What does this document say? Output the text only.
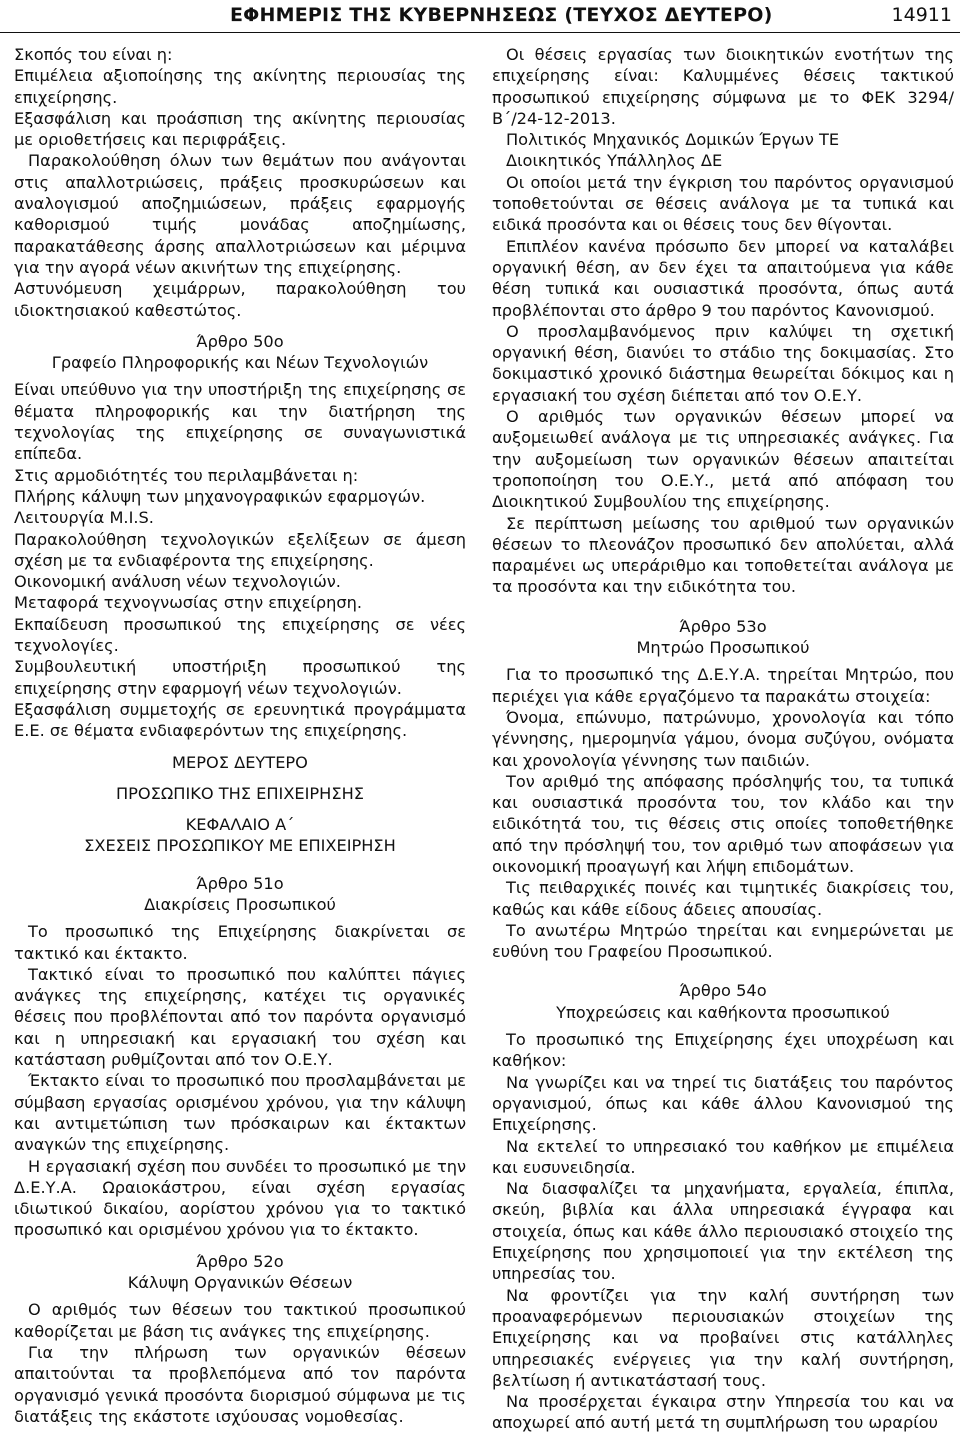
ΕΦΗΜΕΡΙΣ ΤΗΣ ΚΥΒΕΡΝΗΣΕΩΣ (ΤΕΥΧΟΣ ΔΕΥΤΕΡΟ)	14911

Σκοπός του είναι η:

Επιμέλεια αξιοποίησης της ακίνητης περιουσίας της επιχείρησης.

Εξασφάλιση και προάσπιση της ακίνητης περιουσίας με οριοθετήσεις και περιφράξεις.

Παρακολούθηση όλων των θεμάτων που ανάγονται στις απαλλοτριώσεις, πράξεις προσκυρώσεων και αναλογισμού αποζημιώσεων, πράξεις εφαρμογής καθορισμού τιμής μονάδας αποζημίωσης, παρακατάθεσης άρσης απαλλοτριώσεων και μέριμνα για την αγορά νέων ακινήτων της επιχείρησης.

Αστυνόμευση χειμάρρων, παρακολούθηση του ιδιοκτησιακού καθεστώτος.

Άρθρο 50ο

Γραφείο Πληροφορικής και Νέων Τεχνολογιών

Είναι υπεύθυνο για την υποστήριξη της επιχείρησης σε θέματα πληροφορικής και την διατήρηση της τεχνολογίας της επιχείρησης σε συναγωνιστικά επίπεδα.

Στις αρμοδιότητές του περιλαμβάνεται η:

Πλήρης κάλυψη των μηχανογραφικών εφαρμογών.

Λειτουργία M.I.S.

Παρακολούθηση τεχνολογικών εξελίξεων σε άμεση σχέση με τα ενδιαφέροντα της επιχείρησης.

Οικονομική ανάλυση νέων τεχνολογιών.

Μεταφορά τεχνογνωσίας στην επιχείρηση.

Εκπαίδευση προσωπικού της επιχείρησης σε νέες τεχνολογίες.

Συμβουλευτική υποστήριξη προσωπικού της επιχείρησης στην εφαρμογή νέων τεχνολογιών.

Εξασφάλιση συμμετοχής σε ερευνητικά προγράμματα Ε.Ε. σε θέματα ενδιαφερόντων της επιχείρησης.

ΜΕΡΟΣ ΔΕΥΤΕΡΟ

ΠΡΟΣΩΠΙΚΟ ΤΗΣ ΕΠΙΧΕΙΡΗΣΗΣ

ΚΕΦΑΛΑΙΟ Α΄

ΣΧΕΣΕΙΣ ΠΡΟΣΩΠΙΚΟΥ ΜΕ ΕΠΙΧΕΙΡΗΣΗ

Άρθρο 51ο

Διακρίσεις Προσωπικού

Το προσωπικό της Επιχείρησης διακρίνεται σε τακτικό και έκτακτο.

Τακτικό είναι το προσωπικό που καλύπτει πάγιες ανάγκες της επιχείρησης, κατέχει τις οργανικές θέσεις που προβλέπονται από τον παρόντα οργανισμό και η υπηρεσιακή και εργασιακή του σχέση και κατάσταση ρυθμίζονται από τον Ο.Ε.Υ.

Έκτακτο είναι το προσωπικό που προσλαμβάνεται με σύμβαση εργασίας ορισμένου χρόνου, για την κάλυψη και αντιμετώπιση των πρόσκαιρων και έκτακτων αναγκών της επιχείρησης.

Η εργασιακή σχέση που συνδέει το προσωπικό με την Δ.Ε.Υ.Α. Ωραιοκάστρου, είναι σχέση εργασίας ιδιωτικού δικαίου, αορίστου χρόνου για το τακτικό προσωπικό και ορισμένου χρόνου για το έκτακτο.

Άρθρο 52ο

Κάλυψη Οργανικών Θέσεων

Ο αριθμός των θέσεων του τακτικού προσωπικού καθορίζεται με βάση τις ανάγκες της επιχείρησης.

Για την πλήρωση των οργανικών θέσεων απαιτούνται τα προβλεπόμενα από τον παρόντα οργανισμό γενικά προσόντα διορισμού σύμφωνα με τις διατάξεις της εκάστοτε ισχύουσας νομοθεσίας.

Οι θέσεις εργασίας των διοικητικών ενοτήτων της επιχείρησης είναι: Καλυμμένες θέσεις τακτικού προσωπικού επιχείρησης σύμφωνα με το ΦΕΚ 3294/Β΄/24-12-2013.

Πολιτικός Μηχανικός Δομικών Έργων ΤΕ

Διοικητικός Υπάλληλος ΔΕ

Οι οποίοι μετά την έγκριση του παρόντος οργανισμού τοποθετούνται σε θέσεις ανάλογα με τα τυπικά και ειδικά προσόντα και οι θέσεις τους δεν θίγονται.

Επιπλέον κανένα πρόσωπο δεν μπορεί να καταλάβει οργανική θέση, αν δεν έχει τα απαιτούμενα για κάθε θέση τυπικά και ουσιαστικά προσόντα, όπως αυτά προβλέπονται στο άρθρο 9 του παρόντος Κανονισμού.

Ο προσλαμβανόμενος πριν καλύψει τη σχετική οργανική θέση, διανύει το στάδιο της δοκιμασίας. Στο δοκιμαστικό χρονικό διάστημα θεωρείται δόκιμος και η εργασιακή του σχέση διέπεται από τον Ο.Ε.Υ.

Ο αριθμός των οργανικών θέσεων μπορεί να αυξομειωθεί ανάλογα με τις υπηρεσιακές ανάγκες. Για την αυξομείωση των οργανικών θέσεων απαιτείται τροποποίηση του Ο.Ε.Υ., μετά από απόφαση του Διοικητικού Συμβουλίου της επιχείρησης.

Σε περίπτωση μείωσης του αριθμού των οργανικών θέσεων το πλεονάζον προσωπικό δεν απολύεται, αλλά παραμένει ως υπεράριθμο και τοποθετείται ανάλογα με τα προσόντα και την ειδικότητα του.

Άρθρο 53ο

Μητρώο Προσωπικού

Για το προσωπικό της Δ.Ε.Υ.Α. τηρείται Μητρώο, που περιέχει για κάθε εργαζόμενο τα παρακάτω στοιχεία:

Όνομα, επώνυμο, πατρώνυμο, χρονολογία και τόπο γέννησης, ημερομηνία γάμου, όνομα συζύγου, ονόματα και χρονολογία γέννησης των παιδιών.

Τον αριθμό της απόφασης πρόσληψής του, τα τυπικά και ουσιαστικά προσόντα του, τον κλάδο και την ειδικότητά του, τις θέσεις στις οποίες τοποθετήθηκε από την πρόσληψή του, τον αριθμό των αποφάσεων για οικονομική προαγωγή και λήψη επιδομάτων.

Τις πειθαρχικές ποινές και τιμητικές διακρίσεις του, καθώς και κάθε είδους άδειες απουσίας.

Το ανωτέρω Μητρώο τηρείται και ενημερώνεται με ευθύνη του Γραφείου Προσωπικού.

Άρθρο 54ο

Υποχρεώσεις και καθήκοντα προσωπικού

Το προσωπικό της Επιχείρησης έχει υποχρέωση και καθήκον:

Να γνωρίζει και να τηρεί τις διατάξεις του παρόντος οργανισμού, όπως και κάθε άλλου Κανονισμού της Επιχείρησης.

Να εκτελεί το υπηρεσιακό του καθήκον με επιμέλεια και ευσυνειδησία.

Να διασφαλίζει τα μηχανήματα, εργαλεία, έπιπλα, σκεύη, βιβλία και άλλα υπηρεσιακά έγγραφα και στοιχεία, όπως και κάθε άλλο περιουσιακό στοιχείο της Επιχείρησης που χρησιμοποιεί για την εκτέλεση της υπηρεσίας του.

Να φροντίζει για την καλή συντήρηση των προαναφερόμενων περιουσιακών στοιχείων της Επιχείρησης και να προβαίνει στις κατάλληλες υπηρεσιακές ενέργειες για την καλή συντήρηση, βελτίωση ή αντικατάστασή τους.

Να προσέρχεται έγκαιρα στην Υπηρεσία του και να αποχωρεί από αυτή μετά τη συμπλήρωση του ωραρίου
